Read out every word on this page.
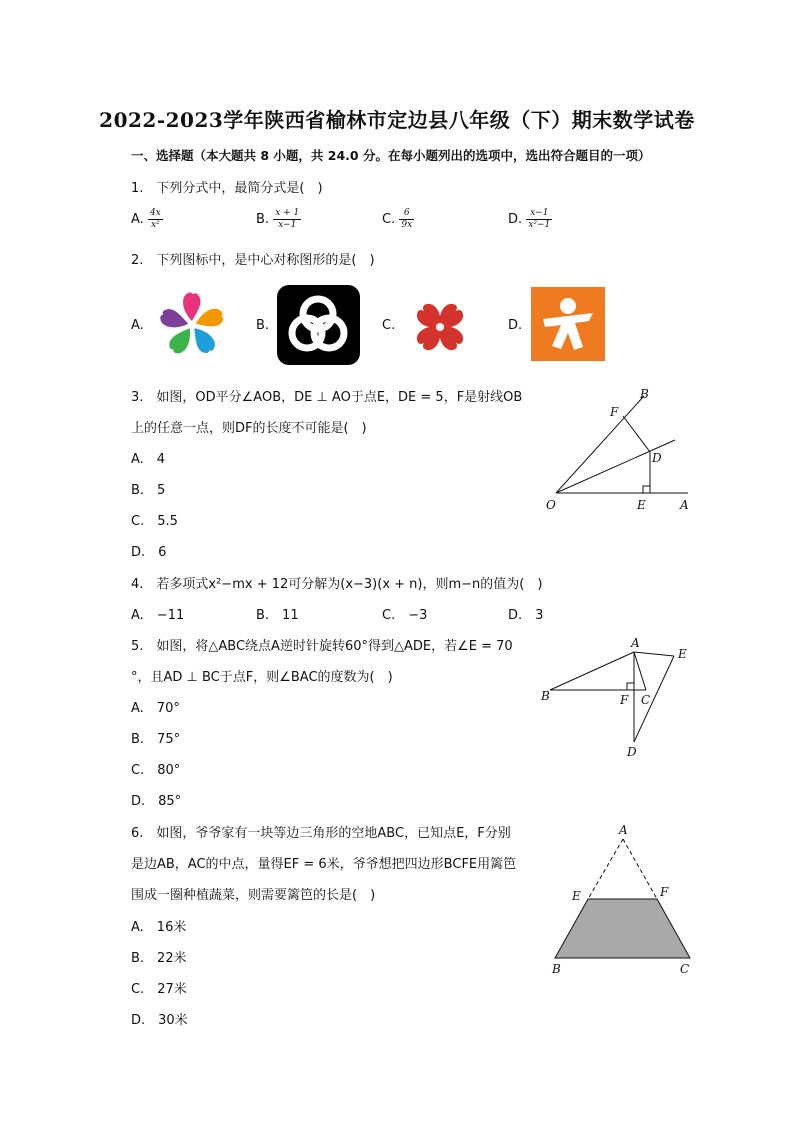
2022-2023学年陕西省榆林市定边县八年级（下）期末数学试卷
一、选择题（本大题共 8 小题，共 24.0 分。在每小题列出的选项中，选出符合题目的一项）
1.　下列分式中，最简分式是(　)
A. $\frac{4x}{\text{x²}}$	B. $\frac{x + 1}{x-1}$	C. $\frac{6}{9x}$	D. $\frac{x-1}{\text{x²−1}}$
2.　下列图标中，是中心对称图形的是(　)
A.	B.	C.	D.
3.　如图，OD平分∠AOB，DE ⊥ AO于点E，DE = 5，F是射线OB
上的任意一点，则DF的长度不可能是(　)
A.　4
B.　5
C.　5.5
D.　6
B
F
D
O	E	A
4.　若多项式x²−mx + 12可分解为(x−3)(x + n)，则m−n的值为(　)
A.　−11	B.　11	C.　−3	D.　3
5.　如图，将△ABC绕点A逆时针旋转60°得到△ADE，若∠E = 70
°，且AD ⊥ BC于点F，则∠BAC的度数为(　)
A.　70°
B.　75°
C.　80°
D.　85°
A
E
B	F C
D
6.　如图，爷爷家有一块等边三角形的空地ABC，已知点E，F分别
是边AB，AC的中点，量得EF = 6米，爷爷想把四边形BCFE用篱笆
围成一圈种植蔬菜，则需要篱笆的长是(　)
A.　16米
B.　22米
C.　27米
D.　30米
A
E	F
B	C
